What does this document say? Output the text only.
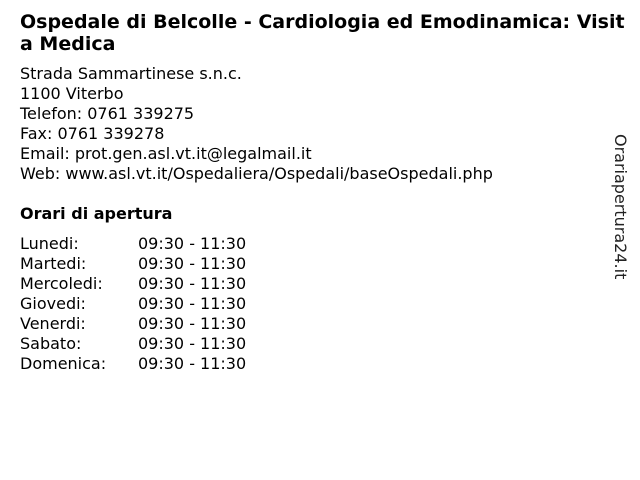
Ospedale di Belcolle - Cardiologia ed Emodinamica: Visita Medica
Strada Sammartinese s.n.c.
1100 Viterbo
Telefon: 0761 339275
Fax: 0761 339278
Email: prot.gen.asl.vt.it@legalmail.it
Web: www.asl.vt.it/Ospedaliera/Ospedali/baseOspedali.php
Orari di apertura
Lunedi:	09:30 - 11:30
Martedi:	09:30 - 11:30
Mercoledi: 09:30 - 11:30
Giovedi:	09:30 - 11:30
Venerdi:	09:30 - 11:30
Sabato:	09:30 - 11:30
Domenica: 09:30 - 11:30
Orariaperturа24.it
